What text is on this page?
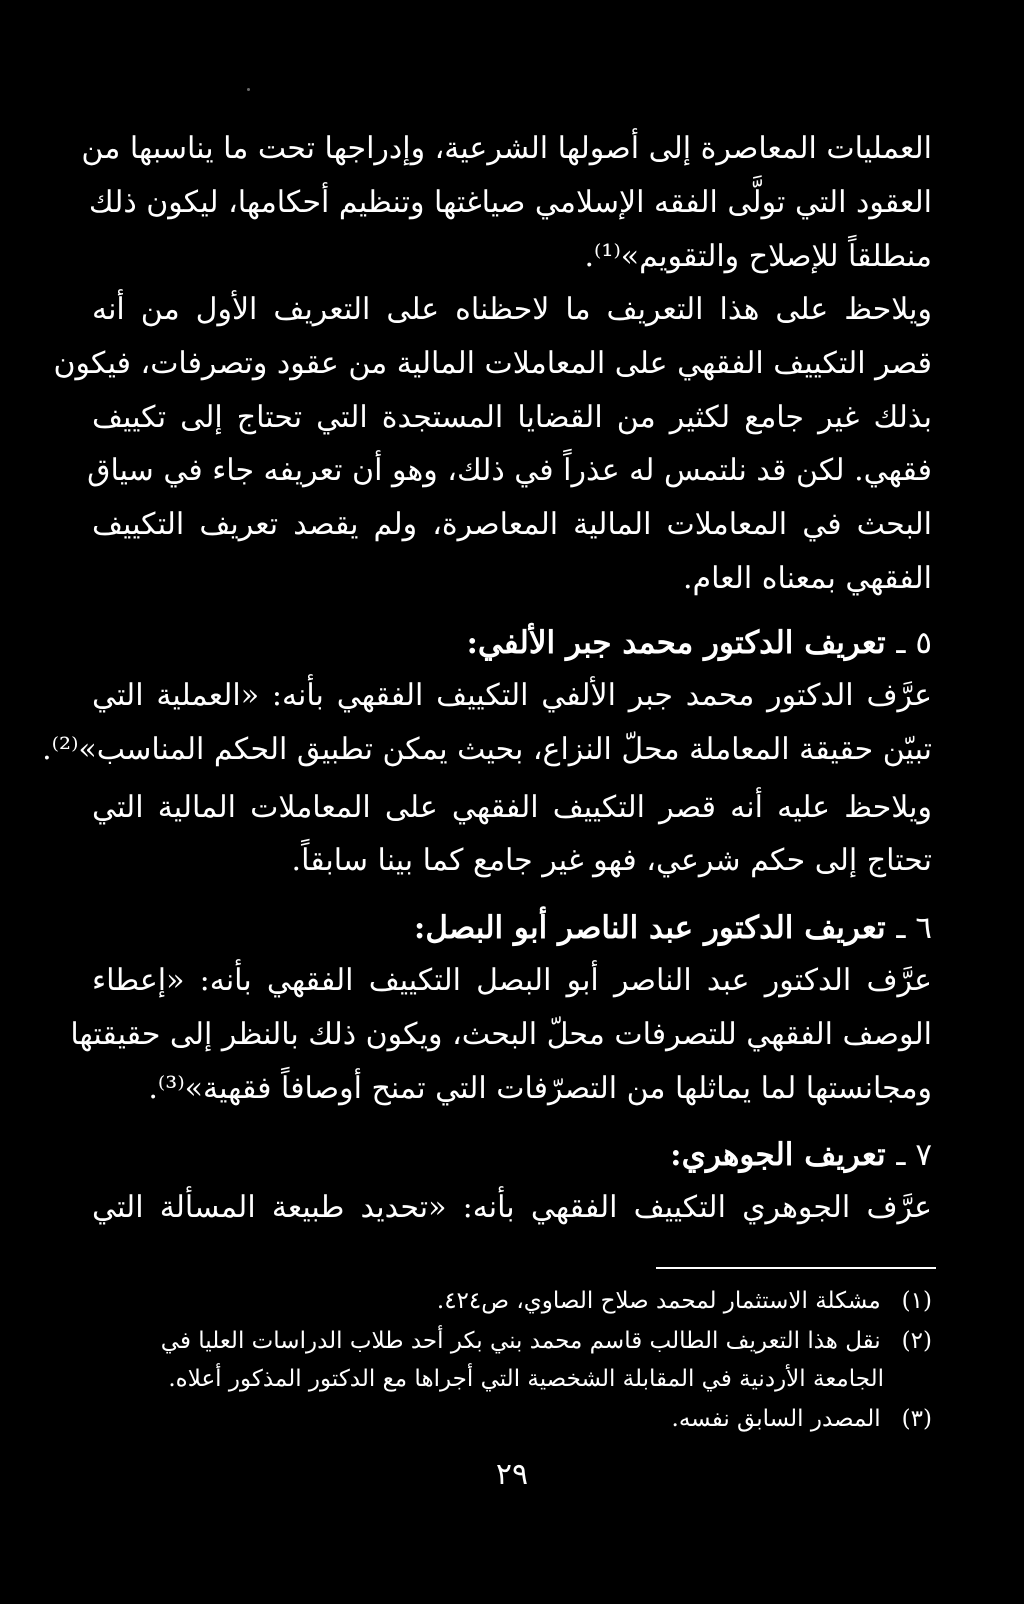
العمليات المعاصرة إلى أصولها الشرعية، وإدراجها تحت ما يناسبها من
العقود التي تولَّى الفقه الإسلامي صياغتها وتنظيم أحكامها، ليكون ذلك
منطلقاً للإصلاح والتقويم»⁽¹⁾.
ويلاحظ على هذا التعريف ما لاحظناه على التعريف الأول من أنه
قصر التكييف الفقهي على المعاملات المالية من عقود وتصرفات، فيكون
بذلك غير جامع لكثير من القضايا المستجدة التي تحتاج إلى تكييف
فقهي. لكن قد نلتمس له عذراً في ذلك، وهو أن تعريفه جاء في سياق
البحث في المعاملات المالية المعاصرة، ولم يقصد تعريف التكييف
الفقهي بمعناه العام.
٥ ـ تعريف الدكتور محمد جبر الألفي:
عرَّف الدكتور محمد جبر الألفي التكييف الفقهي بأنه: «العملية التي
تبيّن حقيقة المعاملة محلّ النزاع، بحيث يمكن تطبيق الحكم المناسب»⁽²⁾.
ويلاحظ عليه أنه قصر التكييف الفقهي على المعاملات المالية التي
تحتاج إلى حكم شرعي، فهو غير جامع كما بينا سابقاً.
٦ ـ تعريف الدكتور عبد الناصر أبو البصل:
عرَّف الدكتور عبد الناصر أبو البصل التكييف الفقهي بأنه: «إعطاء
الوصف الفقهي للتصرفات محلّ البحث، ويكون ذلك بالنظر إلى حقيقتها
ومجانستها لما يماثلها من التصرّفات التي تمنح أوصافاً فقهية»⁽³⁾.
٧ ـ تعريف الجوهري:
عرَّف الجوهري التكييف الفقهي بأنه: «تحديد طبيعة المسألة التي
(١) مشكلة الاستثمار لمحمد صلاح الصاوي، ص٤٢٤.
(٢) نقل هذا التعريف الطالب قاسم محمد بني بكر أحد طلاب الدراسات العليا في
الجامعة الأردنية في المقابلة الشخصية التي أجراها مع الدكتور المذكور أعلاه.
(٣) المصدر السابق نفسه.
٢٩
